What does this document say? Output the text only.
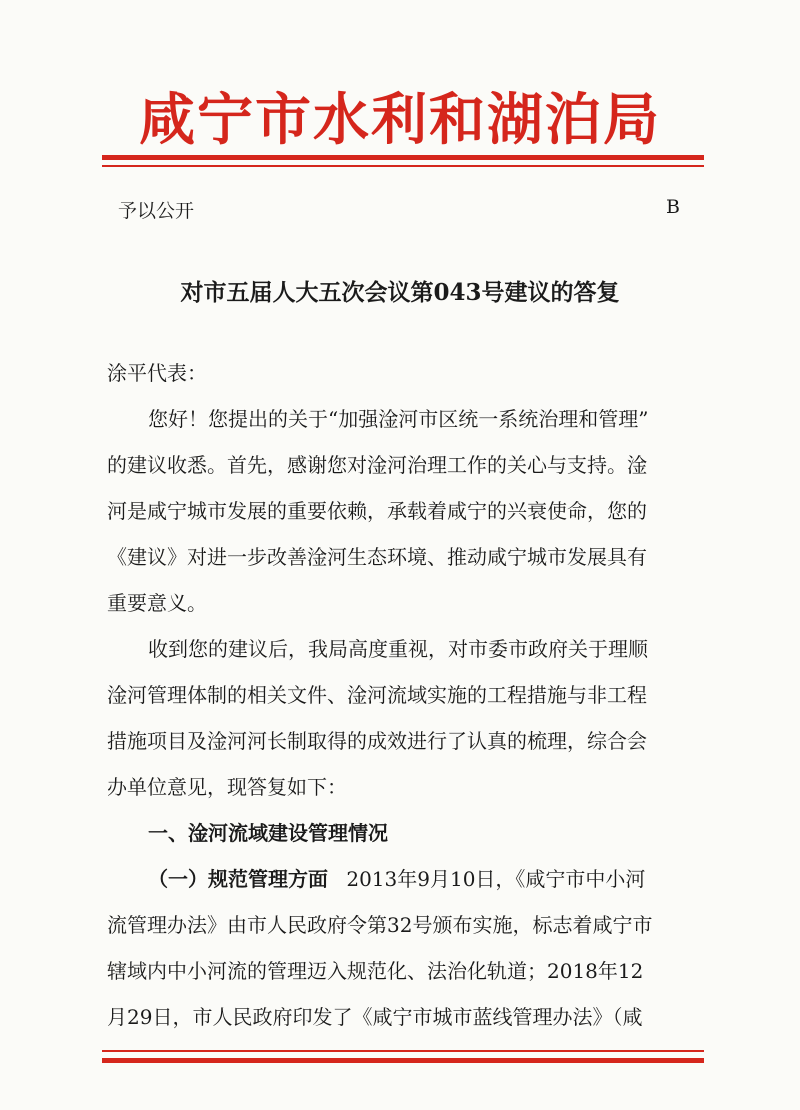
咸宁市水利和湖泊局
予以公开	B
对市五届人大五次会议第043号建议的答复
涂平代表：
您好！您提出的关于“加强淦河市区统一系统治理和管理”
的建议收悉。首先，感谢您对淦河治理工作的关心与支持。淦
河是咸宁城市发展的重要依赖，承载着咸宁的兴衰使命，您的
《建议》对进一步改善淦河生态环境、推动咸宁城市发展具有
重要意义。
收到您的建议后，我局高度重视，对市委市政府关于理顺
淦河管理体制的相关文件、淦河流域实施的工程措施与非工程
措施项目及淦河河长制取得的成效进行了认真的梳理，综合会
办单位意见，现答复如下：
一、淦河流域建设管理情况
（一）规范管理方面 2013年9月10日，《咸宁市中小河
流管理办法》由市人民政府令第32号颁布实施，标志着咸宁市
辖域内中小河流的管理迈入规范化、法治化轨道；2018年12
月29日，市人民政府印发了《咸宁市城市蓝线管理办法》（咸
